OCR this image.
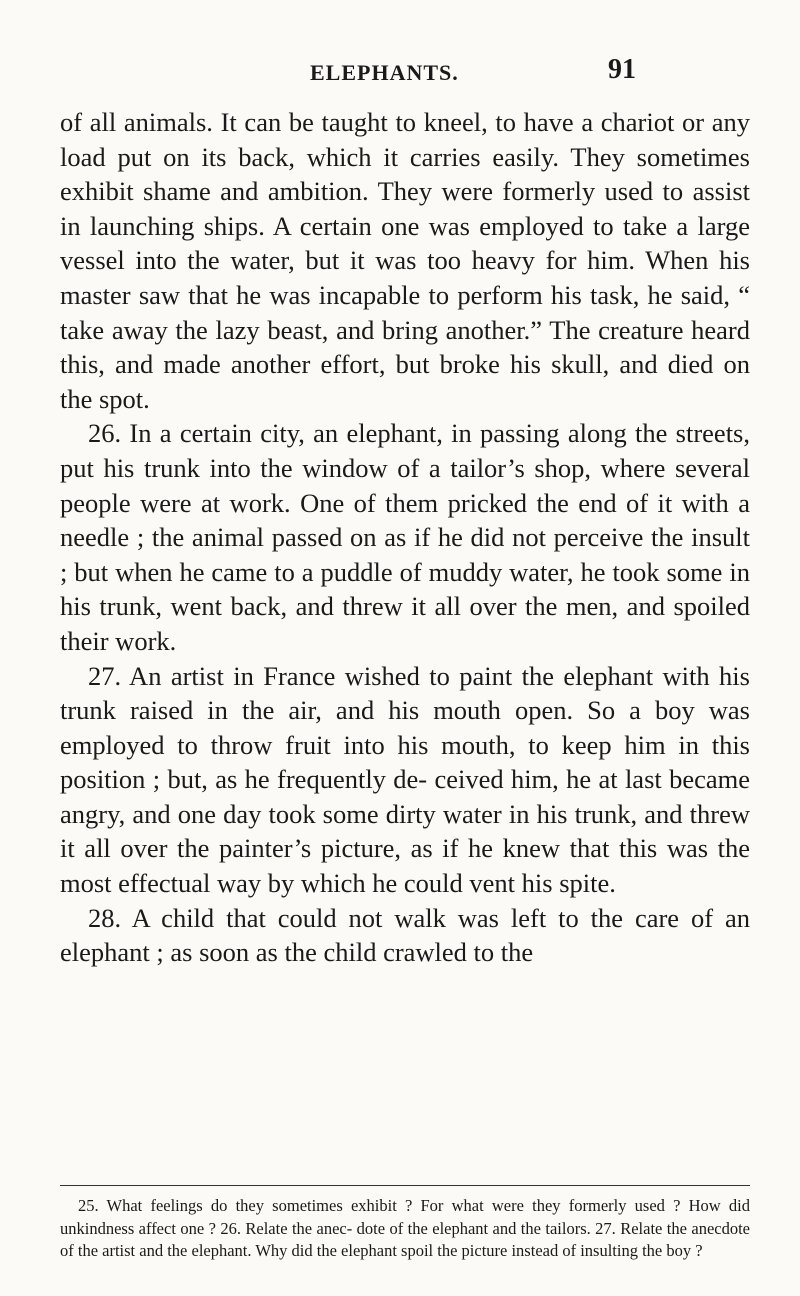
ELEPHANTS.	91

of all animals. It can be taught to kneel, to have a chariot or any load put on its back, which it carries easily. They sometimes exhibit shame and ambition. They were formerly used to assist in launching ships. A certain one was employed to take a large vessel into the water, but it was too heavy for him. When his master saw that he was incapable to perform his task, he said, “ take away the lazy beast, and bring another.” The creature heard this, and made another effort, but broke his skull, and died on the spot.

26. In a certain city, an elephant, in passing along the streets, put his trunk into the window of a tailor’s shop, where several people were at work. One of them pricked the end of it with a needle ; the animal passed on as if he did not perceive the insult ; but when he came to a puddle of muddy water, he took some in his trunk, went back, and threw it all over the men, and spoiled their work.

27. An artist in France wished to paint the elephant with his trunk raised in the air, and his mouth open. So a boy was employed to throw fruit into his mouth, to keep him in this position ; but, as he frequently de- ceived him, he at last became angry, and one day took some dirty water in his trunk, and threw it all over the painter’s picture, as if he knew that this was the most effectual way by which he could vent his spite.

28. A child that could not walk was left to the care of an elephant ; as soon as the child crawled to the

25. What feelings do they sometimes exhibit ? For what were they formerly used ? How did unkindness affect one ? 26. Relate the anec- dote of the elephant and the tailors. 27. Relate the anecdote of the artist and the elephant. Why did the elephant spoil the picture instead of insulting the boy ?
